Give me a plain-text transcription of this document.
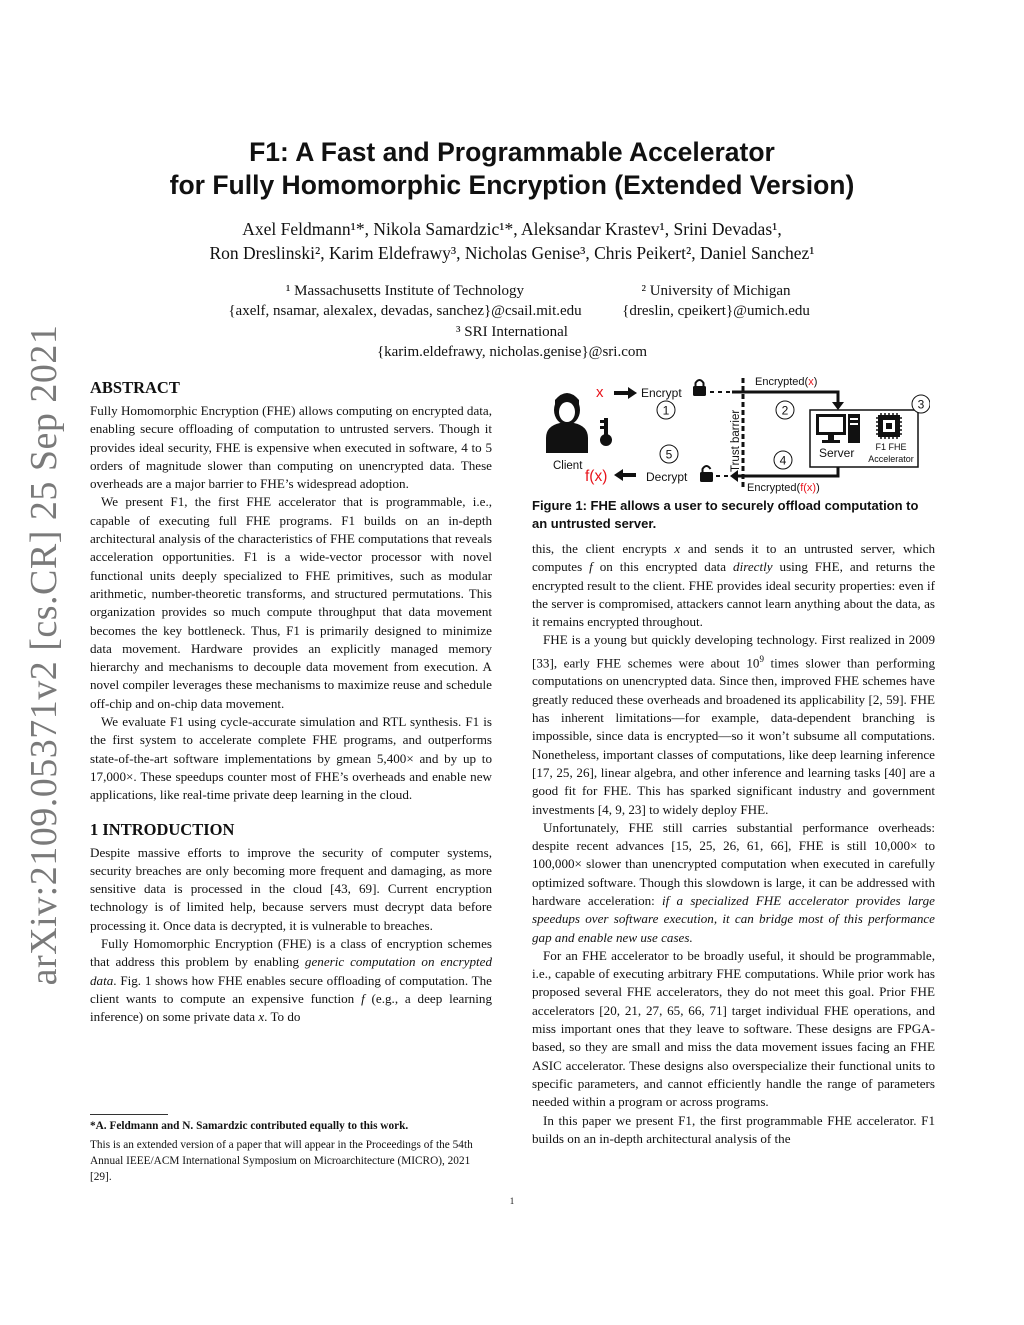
arXiv:2109.05371v2 [cs.CR] 25 Sep 2021
F1: A Fast and Programmable Accelerator
for Fully Homomorphic Encryption (Extended Version)
Axel Feldmann¹*, Nikola Samardzic¹*, Aleksandar Krastev¹, Srini Devadas¹,
Ron Dreslinski², Karim Eldefrawy³, Nicholas Genise³, Chris Peikert², Daniel Sanchez¹
¹ Massachusetts Institute of Technology
{axelf, nsamar, alexalex, devadas, sanchez}@csail.mit.edu
² University of Michigan
{dreslin, cpeikert}@umich.edu
³ SRI International
{karim.eldefrawy, nicholas.genise}@sri.com
ABSTRACT

Fully Homomorphic Encryption (FHE) allows computing on encrypted data, enabling secure offloading of computation to untrusted servers. Though it provides ideal security, FHE is expensive when executed in software, 4 to 5 orders of magnitude slower than computing on unencrypted data. These overheads are a major barrier to FHE’s widespread adoption.

We present F1, the first FHE accelerator that is programmable, i.e., capable of executing full FHE programs. F1 builds on an in-depth architectural analysis of the characteristics of FHE computations that reveals acceleration opportunities. F1 is a wide-vector processor with novel functional units deeply specialized to FHE primitives, such as modular arithmetic, number-theoretic transforms, and structured permutations. This organization provides so much compute throughput that data movement becomes the key bottleneck. Thus, F1 is primarily designed to minimize data movement. Hardware provides an explicitly managed memory hierarchy and mechanisms to decouple data movement from execution. A novel compiler leverages these mechanisms to maximize reuse and schedule off-chip and on-chip data movement.

We evaluate F1 using cycle-accurate simulation and RTL synthesis. F1 is the first system to accelerate complete FHE programs, and outperforms state-of-the-art software implementations by gmean 5,400× and by up to 17,000×. These speedups counter most of FHE’s overheads and enable new applications, like real-time private deep learning in the cloud.

1 INTRODUCTION

Despite massive efforts to improve the security of computer systems, security breaches are only becoming more frequent and damaging, as more sensitive data is processed in the cloud [43, 69]. Current encryption technology is of limited help, because servers must decrypt data before processing it. Once data is decrypted, it is vulnerable to breaches.

Fully Homomorphic Encryption (FHE) is a class of encryption schemes that address this problem by enabling generic computation on encrypted data. Fig. 1 shows how FHE enables secure offloading of computation. The client wants to compute an expensive function f (e.g., a deep learning inference) on some private data x. To do

*A. Feldmann and N. Samardzic contributed equally to this work.
This is an extended version of a paper that will appear in the Proceedings of the 54th Annual IEEE/ACM International Symposium on Microarchitecture (MICRO), 2021 [29].
Client
x	Encrypt
1
f(x)	Decrypt
5	Trust barrier
Encrypted(x)
2
Server F1 FHE
Accelerator
3
4
Encrypted(f(x))
Figure 1: FHE allows a user to securely offload computation to an untrusted server.

this, the client encrypts x and sends it to an untrusted server, which computes f on this encrypted data directly using FHE, and returns the encrypted result to the client. FHE provides ideal security properties: even if the server is compromised, attackers cannot learn anything about the data, as it remains encrypted throughout.

FHE is a young but quickly developing technology. First realized in 2009 [33], early FHE schemes were about $10^9$ times slower than performing computations on unencrypted data. Since then, improved FHE schemes have greatly reduced these overheads and broadened its applicability [2, 59]. FHE has inherent limitations—for example, data-dependent branching is impossible, since data is encrypted—so it won’t subsume all computations. Nonetheless, important classes of computations, like deep learning inference [17, 25, 26], linear algebra, and other inference and learning tasks [40] are a good fit for FHE. This has sparked significant industry and government investments [4, 9, 23] to widely deploy FHE.

Unfortunately, FHE still carries substantial performance overheads: despite recent advances [15, 25, 26, 61, 66], FHE is still 10,000× to 100,000× slower than unencrypted computation when executed in carefully optimized software. Though this slowdown is large, it can be addressed with hardware acceleration: if a specialized FHE accelerator provides large speedups over software execution, it can bridge most of this performance gap and enable new use cases.

For an FHE accelerator to be broadly useful, it should be programmable, i.e., capable of executing arbitrary FHE computations. While prior work has proposed several FHE accelerators, they do not meet this goal. Prior FHE accelerators [20, 21, 27, 65, 66, 71] target individual FHE operations, and miss important ones that they leave to software. These designs are FPGA-based, so they are small and miss the data movement issues facing an FHE ASIC accelerator. These designs also overspecialize their functional units to specific parameters, and cannot efficiently handle the range of parameters needed within a program or across programs.

In this paper we present F1, the first programmable FHE accelerator. F1 builds on an in-depth architectural analysis of the

1
